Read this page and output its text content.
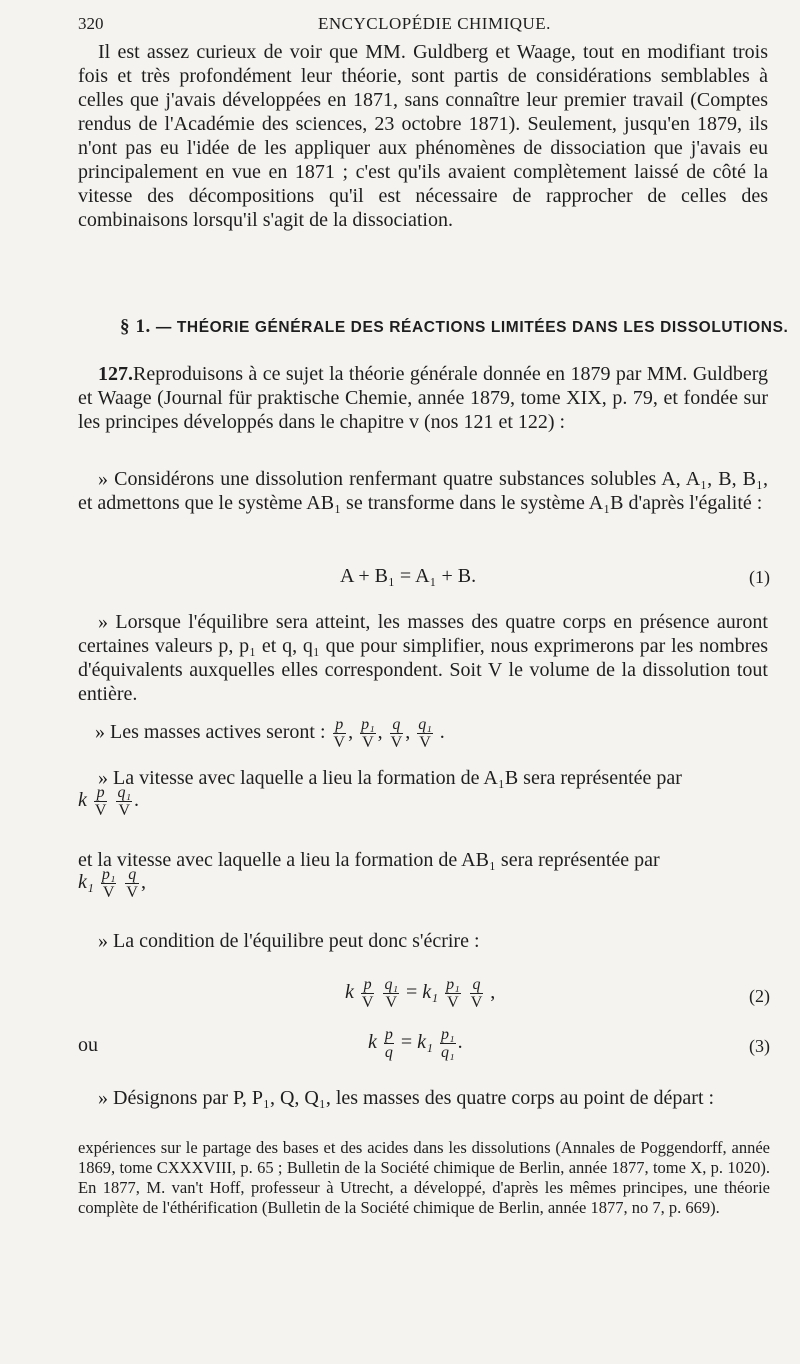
320	ENCYCLOPÉDIE CHIMIQUE.

Il est assez curieux de voir que MM. Guldberg et Waage, tout en modifiant trois fois et très profondément leur théorie, sont partis de considérations semblables à celles que j'avais développées en 1871, sans connaître leur premier travail (Comptes rendus de l'Académie des sciences, 23 octobre 1871). Seulement, jusqu'en 1879, ils n'ont pas eu l'idée de les appliquer aux phénomènes de dissociation que j'avais eu principalement en vue en 1871 ; c'est qu'ils avaient complètement laissé de côté la vitesse des décompositions qu'il est nécessaire de rapprocher de celles des combinaisons lorsqu'il s'agit de la dissociation.

§ 1. — THÉORIE GÉNÉRALE DES RÉACTIONS LIMITÉES DANS LES DISSOLUTIONS.

127.Reproduisons à ce sujet la théorie générale donnée en 1879 par MM. Guldberg et Waage (Journal für praktische Chemie, année 1879, tome XIX, p. 79, et fondée sur les principes développés dans le chapitre v (nos 121 et 122) :

» Considérons une dissolution renfermant quatre substances solubles A, A₁, B, B₁, et admettons que le système AB₁ se transforme dans le système A₁B d'après l'égalité :

A + B₁ = A₁ + B.	(1)

» Lorsque l'équilibre sera atteint, les masses des quatre corps en présence auront certaines valeurs p, p₁ et q, q₁ que pour simplifier, nous exprimerons par les nombres d'équivalents auxquelles elles correspondent. Soit V le volume de la dissolution tout entière.

» Les masses actives seront : $\frac{p}{V}$ , $\frac{\text{p₁}}{V}$ , $\frac{q}{V}$ , $\frac{\text{q₁}}{V}$ .

» La vitesse avec laquelle a lieu la formation de A₁B sera représentée par

k $\frac{p}{V}$
$\frac{\text{q₁}}{V}$ .

et la vitesse avec laquelle a lieu la formation de AB₁ sera représentée par

$k_1 \frac{\text{p₁}}{V}$
$\frac{q}{V}$ ,

» La condition de l'équilibre peut donc s'écrire :

k $\frac{p}{V}$
$\frac{\text{q₁}}{V} = k_1 \frac{\text{p₁}}{V}$
$\frac{q}{V}$ ,	(2)
ou	k $\frac{p}{q} = k_1 \frac{\text{p₁}}{\text{q₁}}$ .	(3)

» Désignons par P, P₁, Q, Q₁, les masses des quatre corps au point de départ :

expériences sur le partage des bases et des acides dans les dissolutions (Annales de Poggendorff, année 1869, tome CXXXVIII, p. 65 ; Bulletin de la Société chimique de Berlin, année 1877, tome X, p. 1020). En 1877, M. van't Hoff, professeur à Utrecht, a développé, d'après les mêmes principes, une théorie complète de l'éthérification (Bulletin de la Société chimique de Berlin, année 1877, no 7, p. 669).
